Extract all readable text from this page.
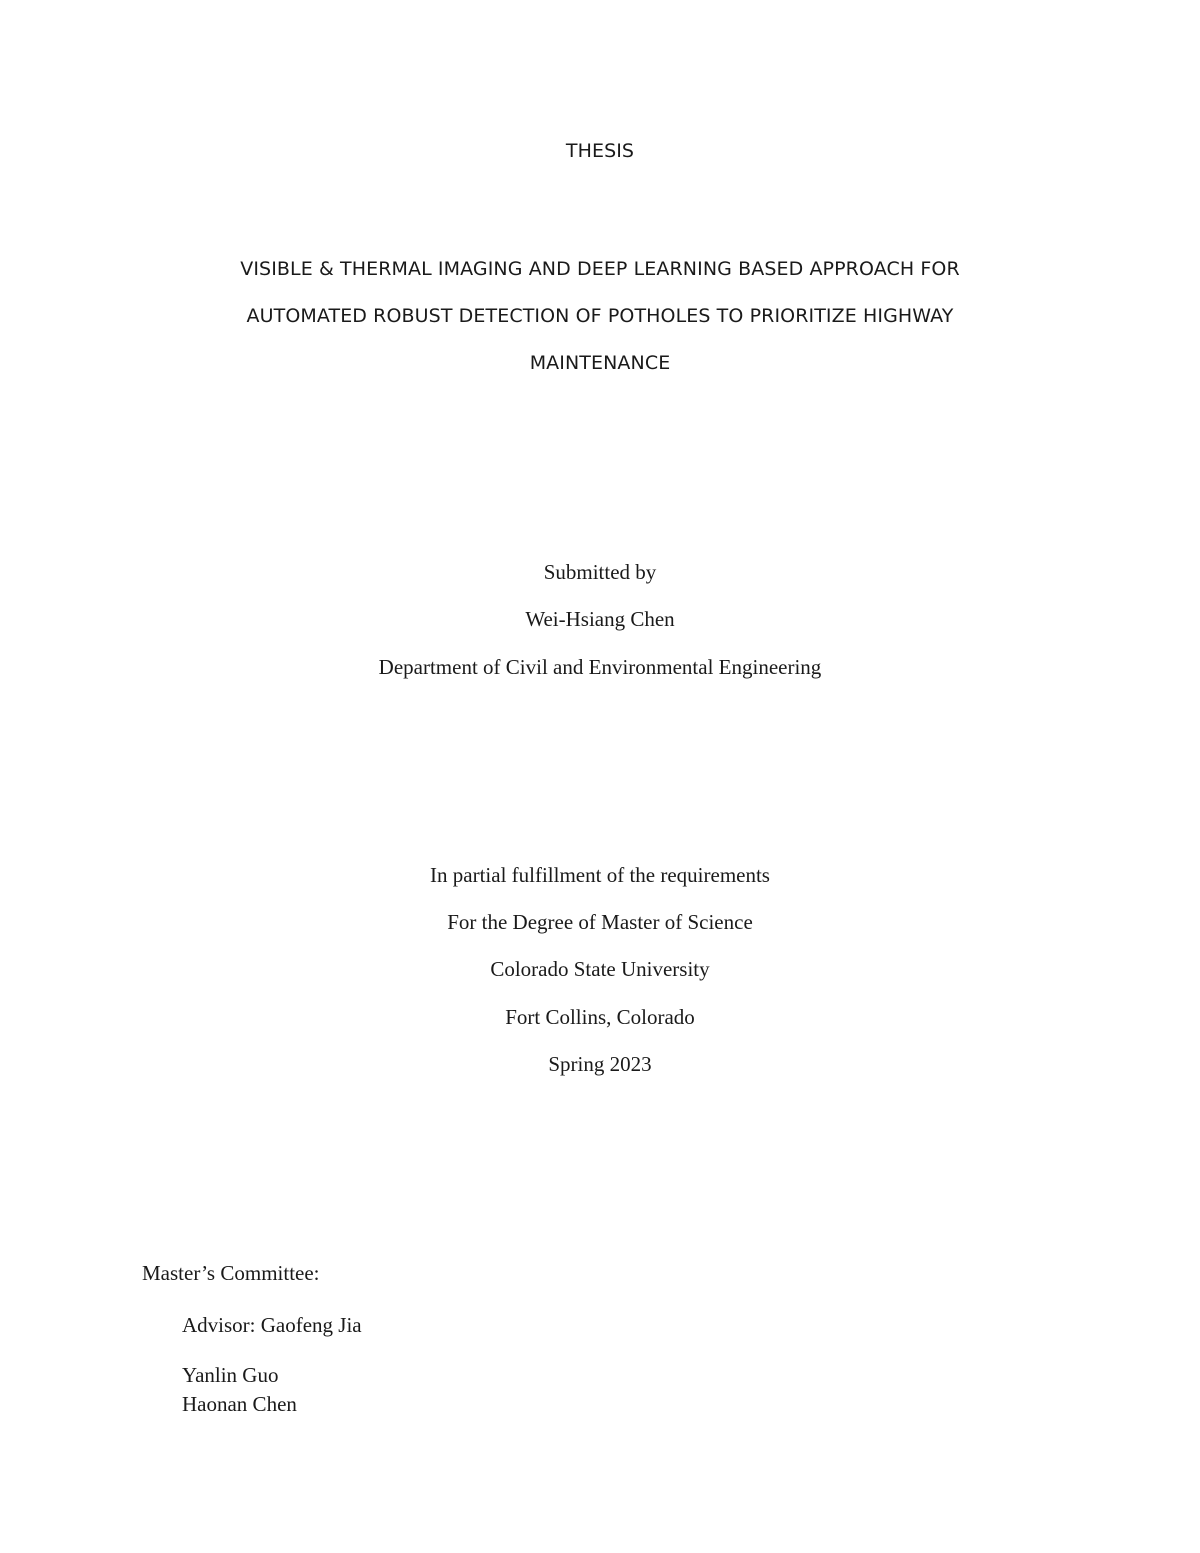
THESIS
VISIBLE & THERMAL IMAGING AND DEEP LEARNING BASED APPROACH FOR
AUTOMATED ROBUST DETECTION OF POTHOLES TO PRIORITIZE HIGHWAY
MAINTENANCE
Submitted by
Wei-Hsiang Chen
Department of Civil and Environmental Engineering
In partial fulfillment of the requirements
For the Degree of Master of Science
Colorado State University
Fort Collins, Colorado
Spring 2023
Master’s Committee:
Advisor: Gaofeng Jia
Yanlin Guo
Haonan Chen
